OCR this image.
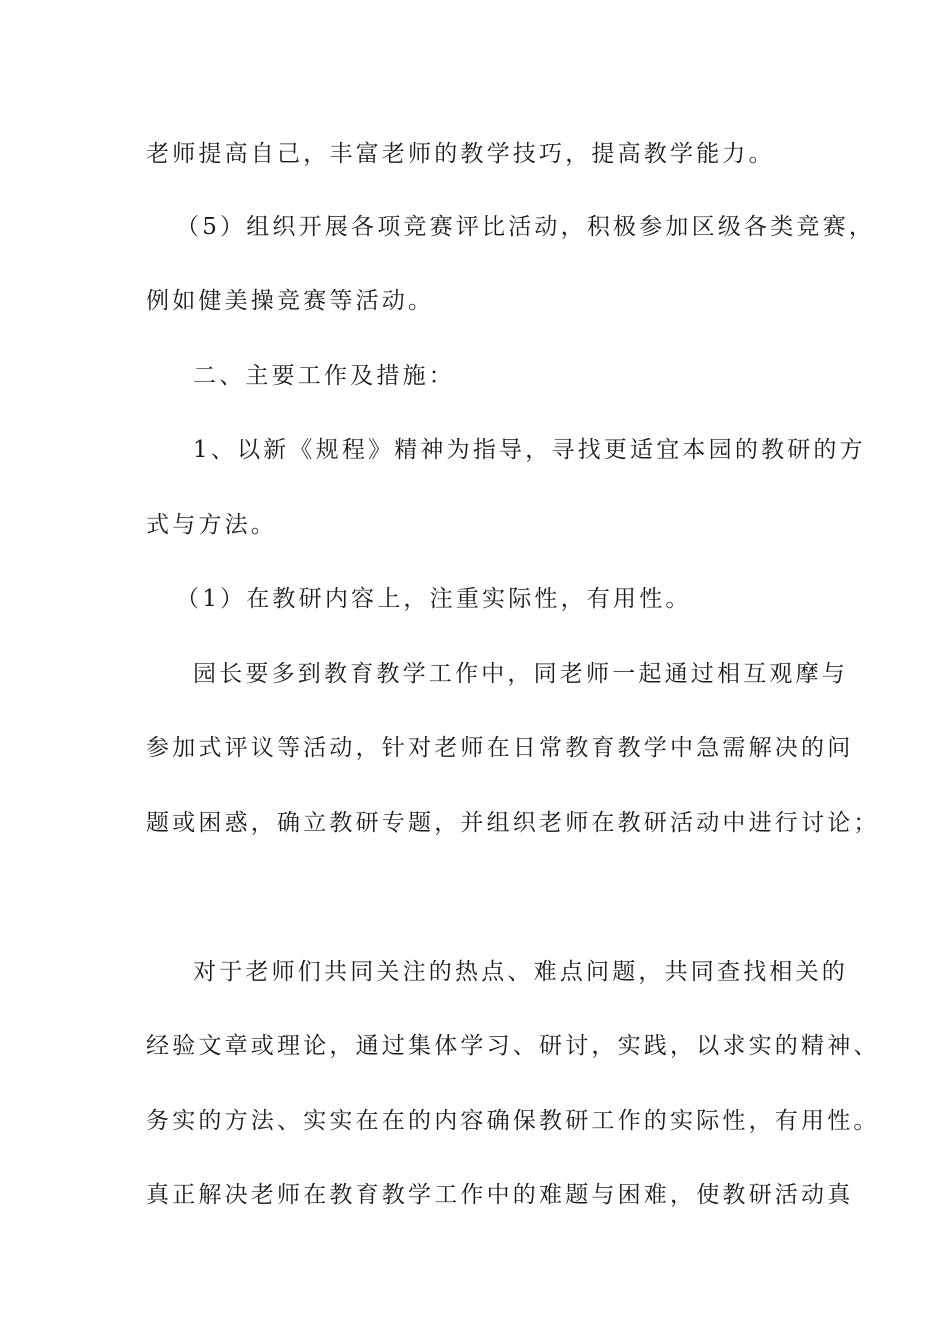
老师提高自己，丰富老师的教学技巧，提高教学能力。
（5）组织开展各项竞赛评比活动，积极参加区级各类竞赛，
例如健美操竞赛等活动。
二、主要工作及措施：
1、以新《规程》精神为指导，寻找更适宜本园的教研的方
式与方法。
（1）在教研内容上，注重实际性，有用性。
园长要多到教育教学工作中，同老师一起通过相互观摩与
参加式评议等活动，针对老师在日常教育教学中急需解决的问
题或困惑，确立教研专题，并组织老师在教研活动中进行讨论；
对于老师们共同关注的热点、难点问题，共同查找相关的
经验文章或理论，通过集体学习、研讨，实践，以求实的精神、
务实的方法、实实在在的内容确保教研工作的实际性，有用性。
真正解决老师在教育教学工作中的难题与困难，使教研活动真
